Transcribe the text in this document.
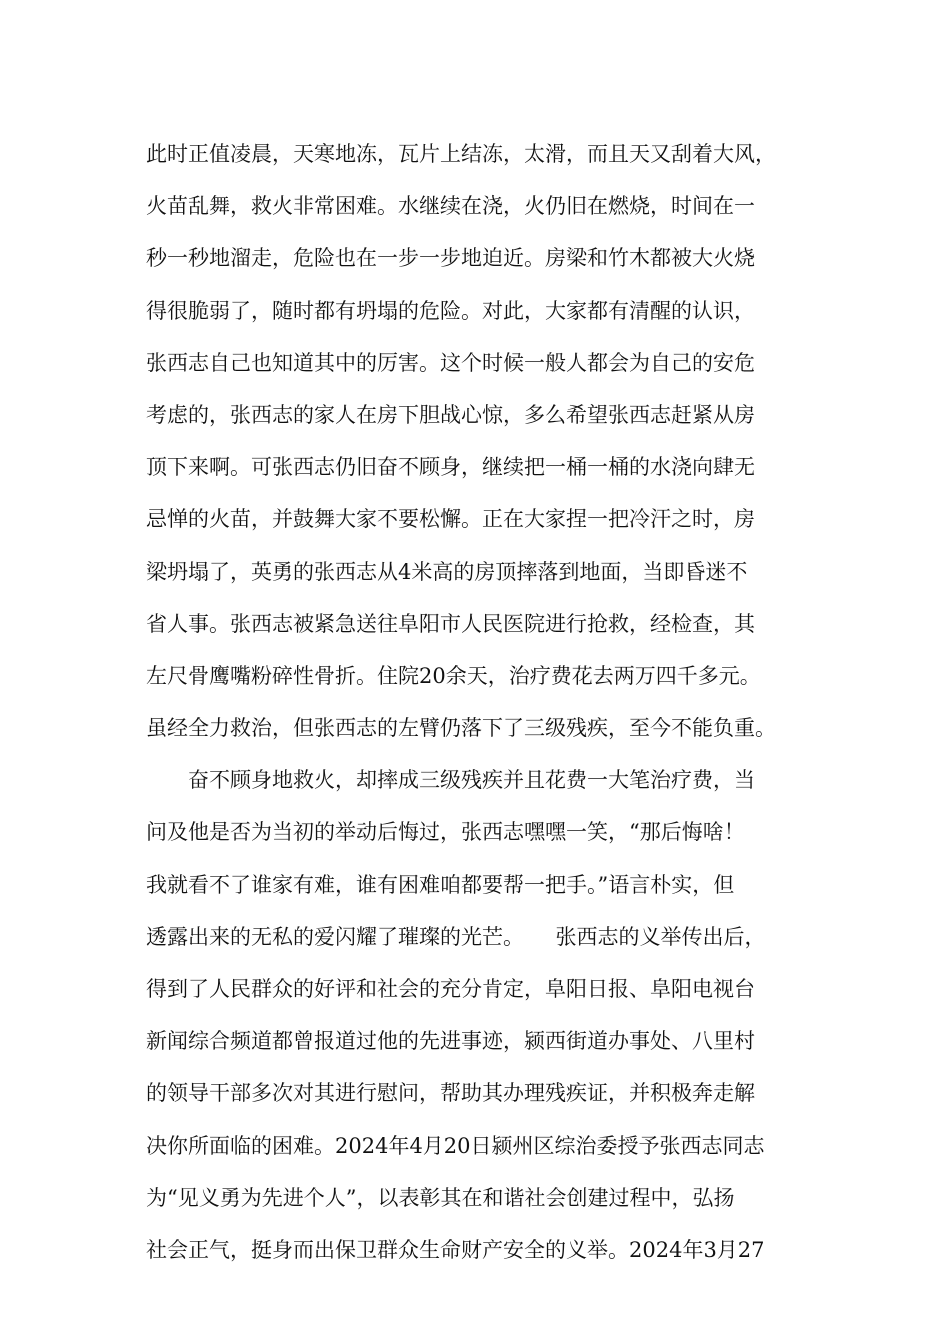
此时正值凌晨，天寒地冻，瓦片上结冻，太滑，而且天又刮着大风，
火苗乱舞，救火非常困难。水继续在浇，火仍旧在燃烧，时间在一
秒一秒地溜走，危险也在一步一步地迫近。房梁和竹木都被大火烧
得很脆弱了，随时都有坍塌的危险。对此，大家都有清醒的认识，
张西志自己也知道其中的厉害。这个时候一般人都会为自己的安危
考虑的，张西志的家人在房下胆战心惊，多么希望张西志赶紧从房
顶下来啊。可张西志仍旧奋不顾身，继续把一桶一桶的水浇向肆无
忌惮的火苗，并鼓舞大家不要松懈。正在大家捏一把冷汗之时，房
梁坍塌了，英勇的张西志从4米高的房顶摔落到地面，当即昏迷不
省人事。张西志被紧急送往阜阳市人民医院进行抢救，经检查，其
左尺骨鹰嘴粉碎性骨折。住院20余天，治疗费花去两万四千多元。
虽经全力救治，但张西志的左臂仍落下了三级残疾，至今不能负重。
奋不顾身地救火，却摔成三级残疾并且花费一大笔治疗费，当
问及他是否为当初的举动后悔过，张西志嘿嘿一笑，“那后悔啥！
我就看不了谁家有难，谁有困难咱都要帮一把手。”语言朴实，但
透露出来的无私的爱闪耀了璀璨的光芒。　　张西志的义举传出后，
得到了人民群众的好评和社会的充分肯定，阜阳日报、阜阳电视台
新闻综合频道都曾报道过他的先进事迹，颍西街道办事处、八里村
的领导干部多次对其进行慰问，帮助其办理残疾证，并积极奔走解
决你所面临的困难。2024年4月20日颍州区综治委授予张西志同志
为“见义勇为先进个人”，以表彰其在和谐社会创建过程中，弘扬
社会正气，挺身而出保卫群众生命财产安全的义举。2024年3月27
